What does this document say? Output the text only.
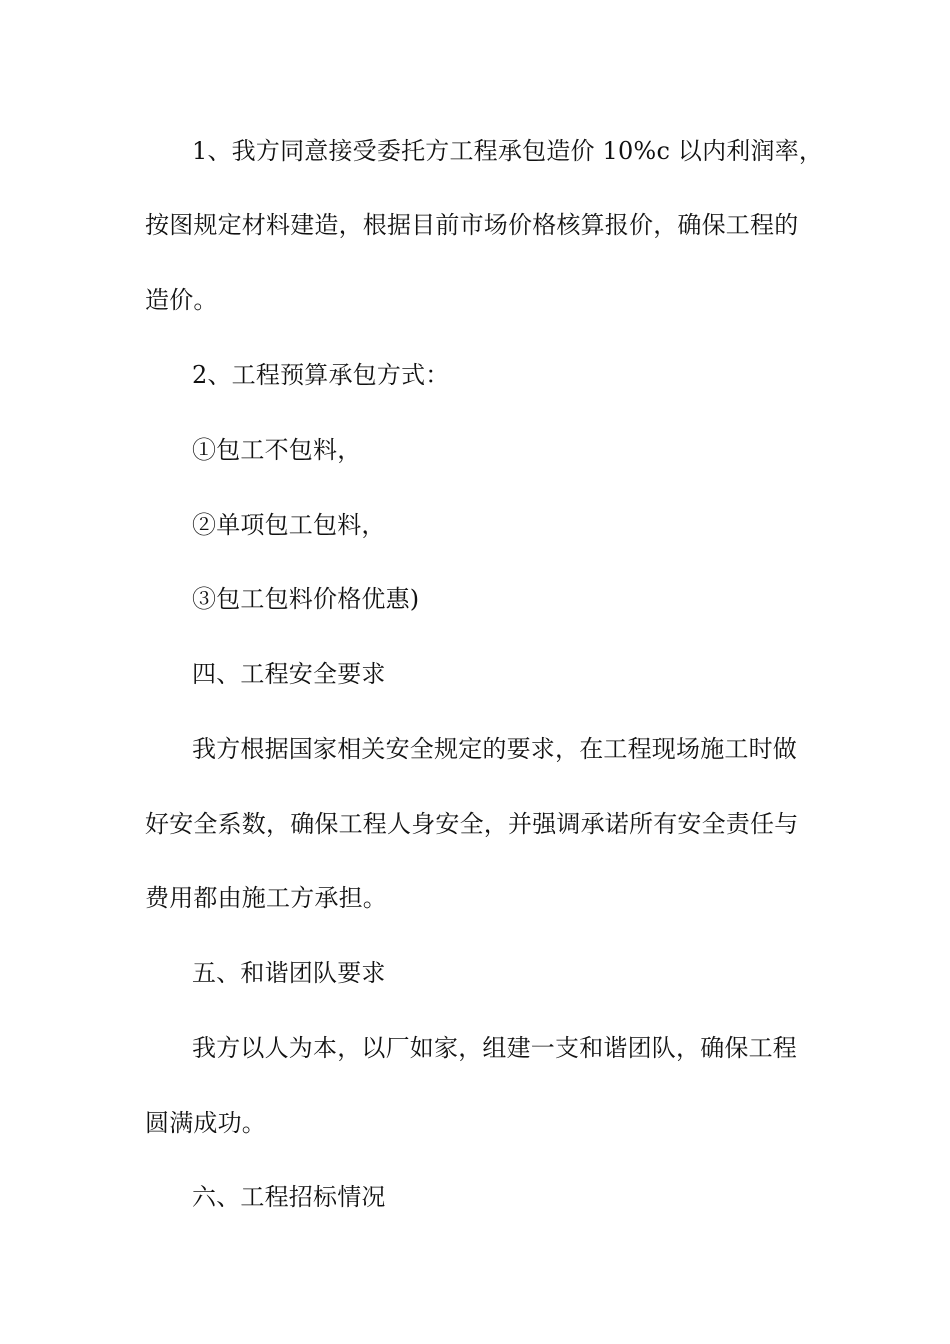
1、我方同意接受委托方工程承包造价 10%c 以内利润率，
按图规定材料建造，根据目前市场价格核算报价，确保工程的
造价。
2、工程预算承包方式：
①包工不包料，
②单项包工包料，
③包工包料价格优惠)
四、工程安全要求
我方根据国家相关安全规定的要求，在工程现场施工时做
好安全系数，确保工程人身安全，并强调承诺所有安全责任与
费用都由施工方承担。
五、和谐团队要求
我方以人为本，以厂如家，组建一支和谐团队，确保工程
圆满成功。
六、工程招标情况
